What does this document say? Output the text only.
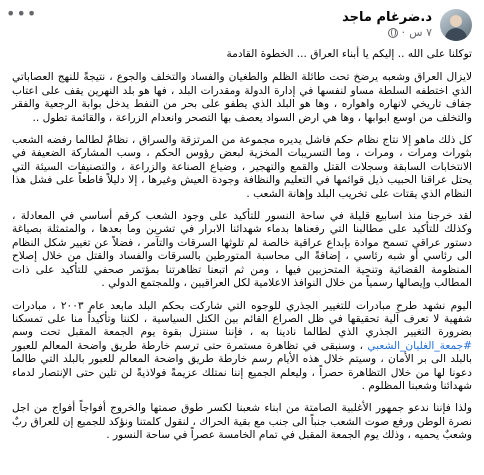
د.ضرغام ماجد
٧ س
·
•••

توكلنا على الله .. إليكم يا أبناء العراق ... الخطوة القادمة

لايزال العراق وشعبه يرضخ تحت طائلة الظلم والطغيان والفساد والتخلف والجوع ، نتيجةً للنهج العصاباتي الذي اختطفه السلطة مساو لنفسها في إدارة الدولة ومقدرات البلد ، فها هو بلد النهرين يقف على اعتاب جفاف تاريخي لانهاره واهواره ، وها هو البلد الذي يطفو على بحر من النفط يدخل بوابة الرجعية والفقر والتخلف من اوسع ابوابها ، وها هي ارض السواد يعصف بها التصحر وانعدام الزراعة ، والقائمة تطول ..

كل ذلك ماهو إلا نتاج نظام حكم فاشل يديره مجموعة من المرتزقة والسراق ، نظامٌ لطالما رفضه الشعب بثورات ومرات ، ومرات ، وما التسريبات المخزية لبعض رؤوس الحكم ، وسب المشاركة الضعيفة في الانتخابات السابقة وسجلات القتل والقمع والتهجير ، وضياع الصناعة والزراعة ، والتصنيفات السيئة التي يحتل عراقنا الحبيب ذيل قوائمها في التعليم والنظافة وجودة العيش وغيرها ، إلا دليلاً قاطعاً على فشل هذا النظام الذي يقتات على تخريب البلد وإهانة الشعب .

لقد خرجنا منذ اسابيع قليلة في ساحة النسور للتأكيد على وجود الشعب كرقم أساسي في المعادلة ، وكذلك للتأكيد على مطالبنا التي رفعناها بدماء شهدائنا الابرار في تشرين وما بعدها ، والمتمثلة بصياغة دستور عراقي تسمح موادة بإبداع عراقية خالصة لم تلوثها السرقات والتآمر ، فضلاً عن تغيير شكل النظام الى رئاسي أو شبه رئاسي ، إضافةً الى محاسبة المتورطين بالسرقات والفساد والقتل من خلال إصلاح المنظومة القضائية وتنحية المتحزبين فيها ، ومن ثم اتبعنا تظاهرتنا بمؤتمر صحفي للتأكيد على ذات المطالب وإيصالها رسمياً من خلال النوافذ الاعلامية لكل العراقيين ، وللمجتمع الدولي .

اليوم نشهد طرح مبادرات للتغيير الجذري للوجوه التي شاركت بحكم البلد مابعد عام ٢٠٠٣ ، مبادرات شفهية لا تعرف آلية تحقيقها في ظل الصراع القائم بين الكتل السياسية ، لكننا وتأكيداً منا على تمسكنا بضرورة التغيير الجذري الذي لطالما نادينا به ، فإننا سننزل بقوة يوم الجمعة المقبل تحت وسم #جمعة_الغليان_الشعبي ، وسنبقى في تظاهرة مستمرة حتى ترسم خارطة طريق واضحة المعالم للعبور بالبلد الى بر الأمان ، وسيتم خلال هذه الأيام رسم خارطة طريق واضحة المعالم للعبور بالبلد التي طالما دعونا لها من خلال التظاهرة حصراً ، وليعلم الجميع إننا نمتلك عزيمةً فولاذيةً لن تلين حتى الإنتصار لدماء شهدائنا وشعبنا المظلوم .

ولذا فإننا ندعو جمهور الأغلبية الصامتة من ابناء شعبنا لكسر طوق صمتها والخروج أفواجاً أفواج من اجل نصرة الوطن ورفع صوت الشعب جنباً الى جنب مع بقية الحراك ، لنقول كلمتنا ونؤكد للجميع إن للعراق ربٌ وشعبٌ يحميه ، وذلك يوم الجمعة المقبل في تمام الخامسة عصراً في ساحة النسور .
